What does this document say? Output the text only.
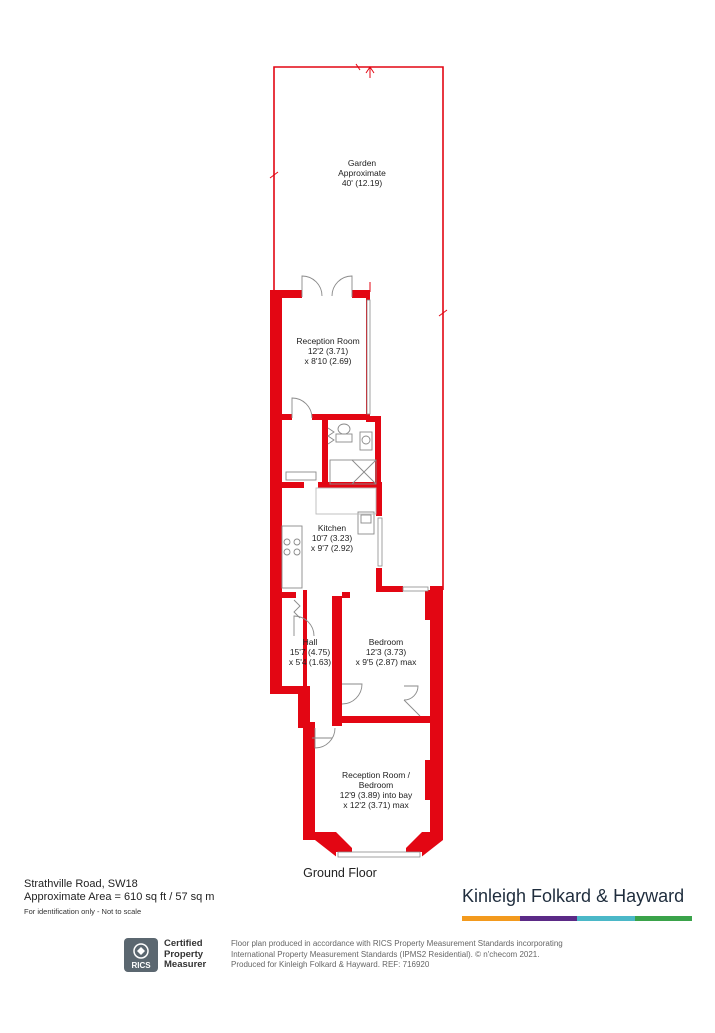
Garden
Approximate
40' (12.19)
Reception Room
12'2 (3.71)
x 8'10 (2.69)
Kitchen
10'7 (3.23)
x 9'7 (2.92)
Bedroom
12'3 (3.73)
x 9'5 (2.87) max
Hall
15'7 (4.75)
x 5'4 (1.63)
Reception Room /
Bedroom
12'9 (3.89) into bay
x 12'2 (3.71) max
Ground Floor
Strathville Road, SW18
Approximate Area = 610 sq ft / 57 sq m
For identification only - Not to scale
Kinleigh Folkard & Hayward
RICS
Certified
Property
Measurer
Floor plan produced in accordance with RICS Property Measurement Standards incorporating
International Property Measurement Standards (IPMS2 Residential). © n'checom 2021.
Produced for Kinleigh Folkard & Hayward. REF: 716920
